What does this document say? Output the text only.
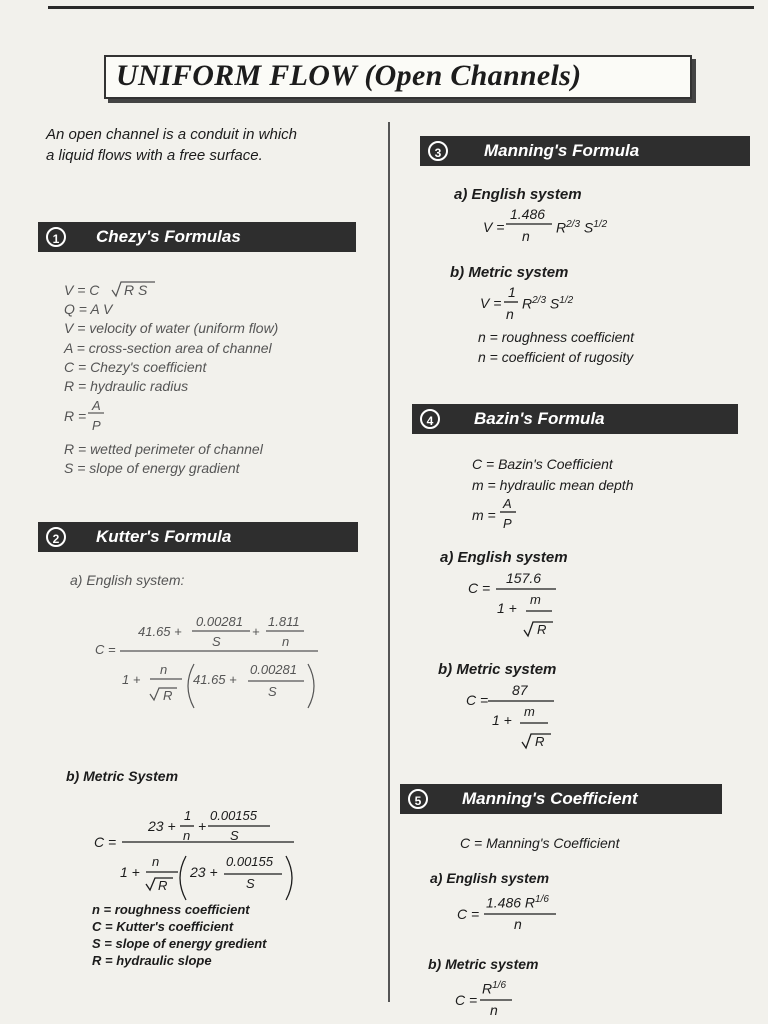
UNIFORM FLOW (Open Channels)
An open channel is a conduit in which
a liquid flows with a free surface.
1	Chezy's Formulas
V = C R S
Q = A V
V = velocity of water (uniform flow)
A = cross-section area of channel
C = Chezy's coefficient
R = hydraulic radius
R =
A
P
R = wetted perimeter of channel
S = slope of energy gradient
2	Kutter's Formula
a) English system:
C =
41.65 +
0.00281
S
+
1.811
n
1 +
n
R
41.65 +
0.00281
S
b) Metric System
C =
23 +
1
n
+
0.00155
S
1 +
n
R
23 +
0.00155
S
n = roughness coefficient
C = Kutter's coefficient
S = slope of energy gredient
R = hydraulic slope
3	Manning's Formula
a) English system
V =
1.486
n
$R^{2/3}$ $S^{1/2}$
b) Metric system
V =
1
n
$R^{2/3}$ $S^{1/2}$
n = roughness coefficient
n = coefficient of rugosity
4	Bazin's Formula
C = Bazin's Coefficient
m = hydraulic mean depth
m =
A
P
a) English system
C =
157.6
1 +
m
R
b) Metric system
C =
87
1 +
m
R
5	Manning's Coefficient
C = Manning's Coefficient
a) English system
C =
1.486 $R^{1/6}$
n
b) Metric system
C =
$R^{1/6}$
n
